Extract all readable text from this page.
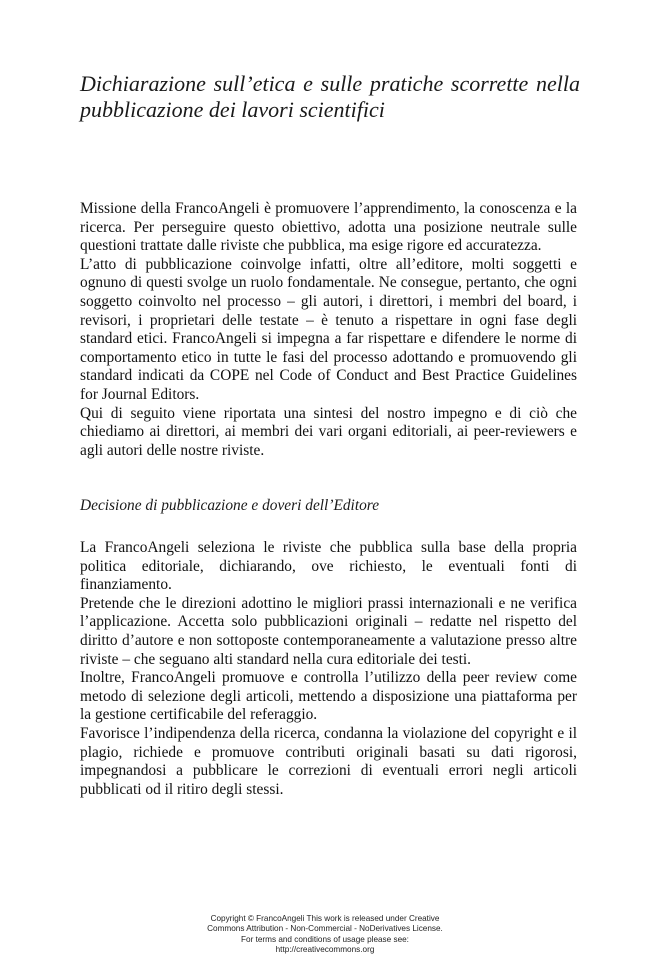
Dichiarazione sull’etica e sulle pratiche scorrette nella pubblicazione dei lavori scientifici

Missione della FrancoAngeli è promuovere l’apprendimento, la conoscenza e la ricerca. Per perseguire questo obiettivo, adotta una posizione neutrale sulle questioni trattate dalle riviste che pubblica, ma esige rigore ed accuratezza.

L’atto di pubblicazione coinvolge infatti, oltre all’editore, molti soggetti e ognuno di questi svolge un ruolo fondamentale. Ne consegue, pertanto, che ogni soggetto coinvolto nel processo – gli autori, i direttori, i membri del board, i revisori, i proprietari delle testate – è tenuto a rispettare in ogni fase degli standard etici. FrancoAngeli si impegna a far rispettare e difendere le norme di comportamento etico in tutte le fasi del processo adottando e promuovendo gli standard indicati da COPE nel Code of Conduct and Best Practice Guidelines for Journal Editors.

Qui di seguito viene riportata una sintesi del nostro impegno e di ciò che chiediamo ai direttori, ai membri dei vari organi editoriali, ai peer-reviewers e agli autori delle nostre riviste.

Decisione di pubblicazione e doveri dell’Editore

La FrancoAngeli seleziona le riviste che pubblica sulla base della propria politica editoriale, dichiarando, ove richiesto, le eventuali fonti di finanziamento.

Pretende che le direzioni adottino le migliori prassi internazionali e ne verifica l’applicazione. Accetta solo pubblicazioni originali – redatte nel rispetto del diritto d’autore e non sottoposte contemporaneamente a valutazione presso altre riviste – che seguano alti standard nella cura editoriale dei testi.

Inoltre, FrancoAngeli promuove e controlla l’utilizzo della peer review come metodo di selezione degli articoli, mettendo a disposizione una piattaforma per la gestione certificabile del referaggio.

Favorisce l’indipendenza della ricerca, condanna la violazione del copyright e il plagio, richiede e promuove contributi originali basati su dati rigorosi, impegnandosi a pubblicare le correzioni di eventuali errori negli articoli pubblicati od il ritiro degli stessi.

Copyright © FrancoAngeli This work is released under Creative
Commons Attribution - Non-Commercial - NoDerivatives License.
For terms and conditions of usage please see:
http://creativecommons.org
